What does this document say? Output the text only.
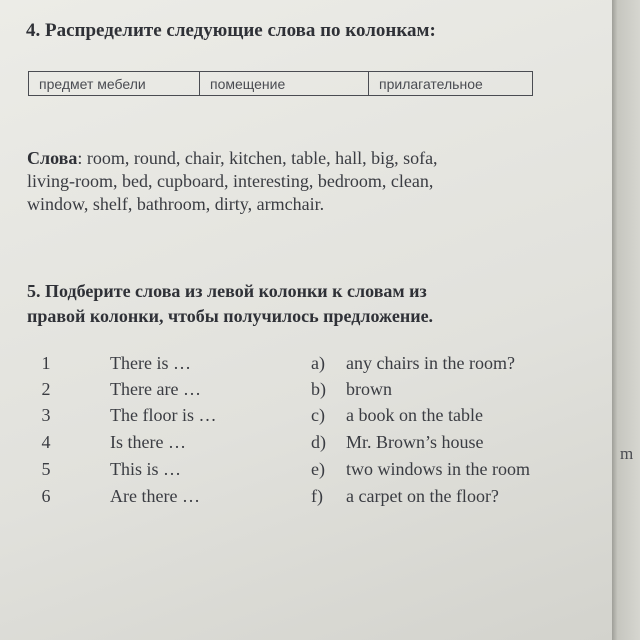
m
4. Распределите следующие слова по колонкам:
предмет мебели	помещение	прилагательное
Слова: room, round, chair, kitchen, table, hall, big, sofa,
living-room, bed, cupboard, interesting, bedroom, clean,
window, shelf, bathroom, dirty, armchair.
5. Подберите слова из левой колонки к словам из
правой колонки, чтобы получилось предложение.
1	There is …	a) any chairs in the room?
2	There are …	b) brown
3	The floor is …	c) a book on the table
4	Is there …	d) Mr. Brown’s house
5	This is …	e) two windows in the room
6	Are there …	f) a carpet on the floor?
